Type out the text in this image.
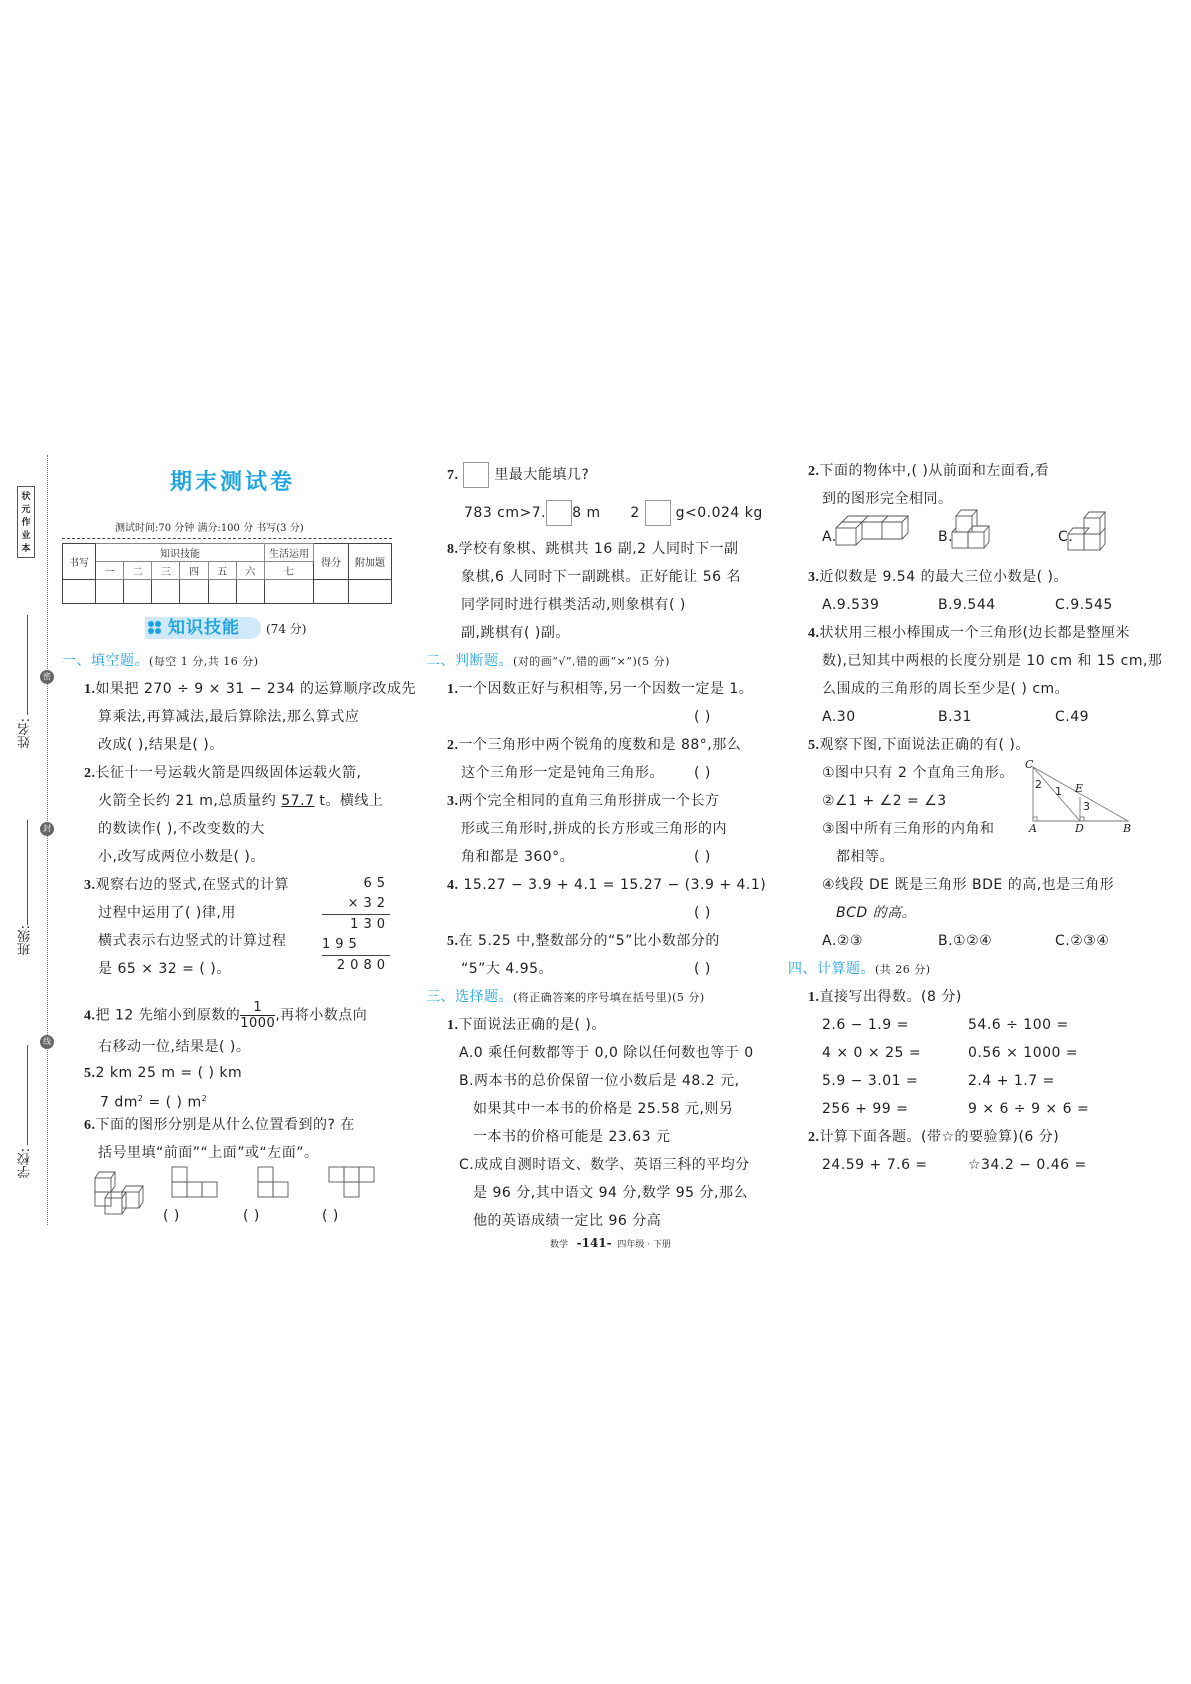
状元作业本
密
封
线
姓名:
班级:
学校:
期末测试卷
测试时间:70 分钟 满分:100 分 书写(3 分)
书写	知识技能						生活运用	得分	附加题
	一	二	三	四	五	六	七		

知识技能 (74 分)
一、填空题。(每空 1 分,共 16 分)
1.如果把 270 ÷ 9 × 31 − 234 的运算顺序改成先
算乘法,再算减法,最后算除法,那么算式应
改成( ),结果是( )。
2.长征十一号运载火箭是四级固体运载火箭,
火箭全长约 21 m,总质量约 57.7 t。横线上
的数读作( ),不改变数的大
小,改写成两位小数是( )。
3.观察右边的竖式,在竖式的计算
过程中运用了( )律,用
横式表示右边竖式的计算过程
是 65 × 32 = ( )。
65
×32
130
195
2080
4.把 12 先缩小到原数的 $\frac{1}{1000}$ ,再将小数点向
右移动一位,结果是( )。
5.2 km 25 m = ( ) km
7 $dm^2$ = ( ) $m^2$
6.下面的图形分别是从什么位置看到的? 在
括号里填“前面”“上面”或“左面”。
( )	( )	( )
7.	里最大能填几?
783 cm>7. 8 m 2	g<0.024 kg
8.学校有象棋、跳棋共 16 副,2 人同时下一副
象棋,6 人同时下一副跳棋。正好能让 56 名
同学同时进行棋类活动,则象棋有( )
副,跳棋有( )副。
二、判断题。(对的画“√”,错的画“×”)(5 分)
1.一个因数正好与积相等,另一个因数一定是 1。
( )
2.一个三角形中两个锐角的度数和是 88°,那么
这个三角形一定是钝角三角形。 ( )
3.两个完全相同的直角三角形拼成一个长方
形或三角形时,拼成的长方形或三角形的内
角和都是 360°。	( )
4. 15.27 − 3.9 + 4.1 = 15.27 − (3.9 + 4.1)
( )
5.在 5.25 中,整数部分的“5”比小数部分的
“5”大 4.95。	( )
三、选择题。(将正确答案的序号填在括号里)(5 分)
1.下面说法正确的是( )。
A.0 乘任何数都等于 0,0 除以任何数也等于 0
B.两本书的总价保留一位小数后是 48.2 元,
如果其中一本书的价格是 25.58 元,则另
一本书的价格可能是 23.63 元
C.成成自测时语文、数学、英语三科的平均分
是 96 分,其中语文 94 分,数学 95 分,那么
他的英语成绩一定比 96 分高
2.下面的物体中,( )从前面和左面看,看
到的图形完全相同。
A.	B.	C.
3.近似数是 9.54 的最大三位小数是( )。
A.9.539	B.9.544	C.9.545
4.状状用三根小棒围成一个三角形(边长都是整厘米
数),已知其中两根的长度分别是 10 cm 和 15 cm,那
么围成的三角形的周长至少是( ) cm。
A.30	B.31	C.49
5.观察下图,下面说法正确的有( )。
①图中只有 2 个直角三角形。
②∠1 + ∠2 = ∠3
③图中所有三角形的内角和
都相等。
④线段 DE 既是三角形 BDE 的高,也是三角形
BCD 的高。
C
E
A	D	B
2
1
3
A.②③	B.①②④	C.②③④
四、计算题。(共 26 分)
1.直接写出得数。(8 分)
2.6 − 1.9 =	54.6 ÷ 100 =
4 × 0 × 25 =	0.56 × 1000 =
5.9 − 3.01 =	2.4 + 1.7 =
256 + 99 =	9 × 6 ÷ 9 × 6 =
2.计算下面各题。(带☆的要验算)(6 分)
24.59 + 7.6 =	☆34.2 − 0.46 =
数学 -141- 四年级 · 下册
